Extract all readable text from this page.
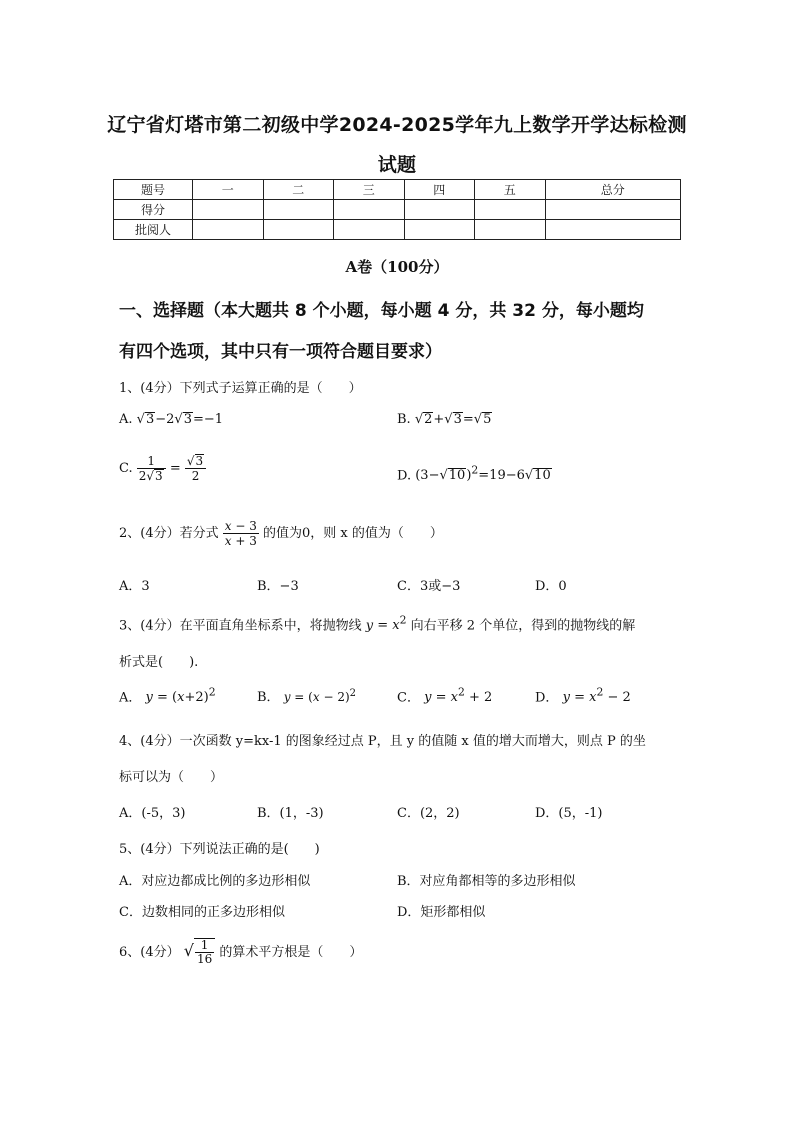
辽宁省灯塔市第二初级中学2024-2025学年九上数学开学达标检测
试题
题号	一	二	三	四	五	总分
得分						
批阅人						
A卷（100分）
一、选择题（本大题共 8 个小题，每小题 4 分，共 32 分，每小题均
有四个选项，其中只有一项符合题目要求）
1、(4分）下列式子运算正确的是（　　）
A. √3−2√3=−1	B. √2+√3=√5
C. $\frac{1}{2√3} = \frac{√3}{2}$	D. $(3-√10)^2=19-6√10$
2、(4分）若分式 $\frac{x - 3}{x + 3}$ 的值为0，则 x 的值为（　　）
A．3	B．−3	C．3或−3	D．0
3、(4分）在平面直角坐标系中，将抛物线 $y = x^2$ 向右平移 2 个单位，得到的抛物线的解
析式是(　　).
A． $y = (x+2)^2$	B． $y = (x - 2)^2$	C． $y = x^2 + 2$	D． $y = x^2 - 2$
4、(4分）一次函数 y=kx-1 的图象经过点 P，且 y 的值随 x 值的增大而增大，则点 P 的坐
标可以为（　　）
A．(-5，3)	B．(1，-3)	C．(2，2)	D．(5，-1)
5、(4分）下列说法正确的是(　　)
A．对应边都成比例的多边形相似	B．对应角都相等的多边形相似
C．边数相同的正多边形相似	D．矩形都相似
6、(4分） √ $\frac{1}{16}$ 的算术平方根是（　　）
